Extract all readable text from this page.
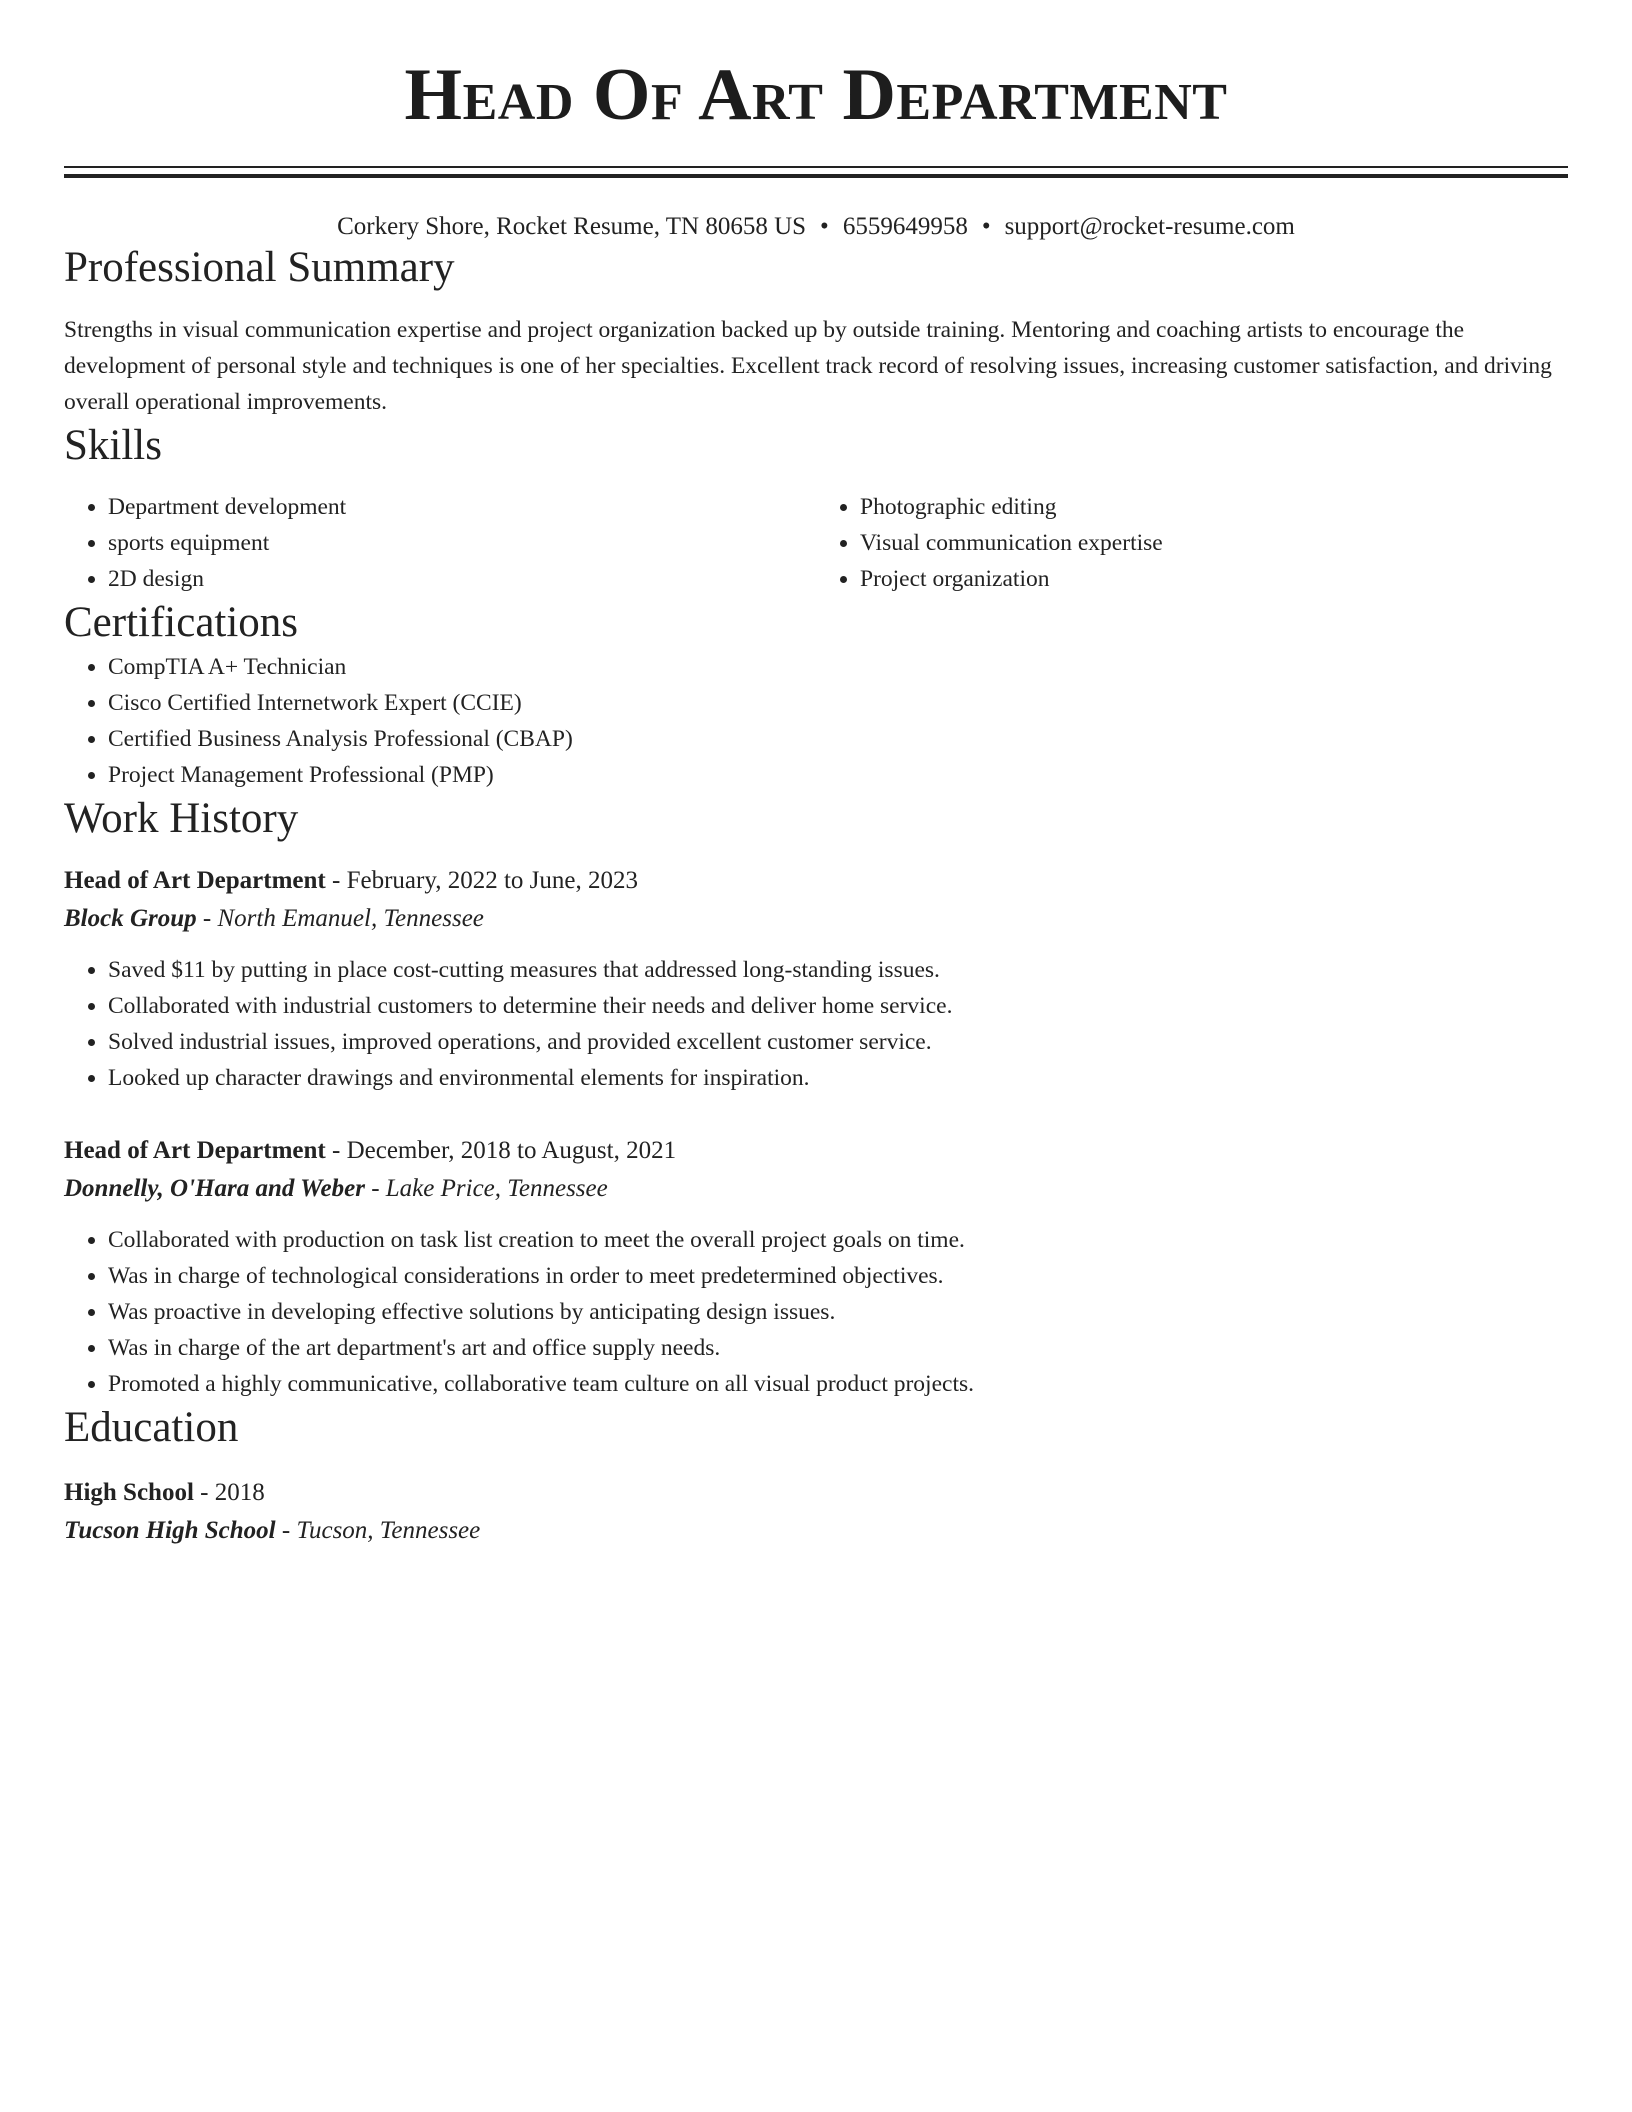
Head Of Art Department
Corkery Shore, Rocket Resume, TN 80658 US • 6559649958 • support@rocket-resume.com
Professional Summary
Strengths in visual communication expertise and project organization backed up by outside training. Mentoring and coaching artists to encourage the development of personal style and techniques is one of her specialties. Excellent track record of resolving issues, increasing customer satisfaction, and driving overall operational improvements.
Skills
• Department development
• sports equipment
• 2D design
• Photographic editing
• Visual communication expertise
• Project organization
Certifications
• CompTIA A+ Technician
• Cisco Certified Internetwork Expert (CCIE)
• Certified Business Analysis Professional (CBAP)
• Project Management Professional (PMP)
Work History
Head of Art Department - February, 2022 to June, 2023
Block Group - North Emanuel, Tennessee
• Saved $11 by putting in place cost-cutting measures that addressed long-standing issues.
• Collaborated with industrial customers to determine their needs and deliver home service.
• Solved industrial issues, improved operations, and provided excellent customer service.
• Looked up character drawings and environmental elements for inspiration.
Head of Art Department - December, 2018 to August, 2021
Donnelly, O'Hara and Weber - Lake Price, Tennessee
• Collaborated with production on task list creation to meet the overall project goals on time.
• Was in charge of technological considerations in order to meet predetermined objectives.
• Was proactive in developing effective solutions by anticipating design issues.
• Was in charge of the art department's art and office supply needs.
• Promoted a highly communicative, collaborative team culture on all visual product projects.
Education
High School - 2018
Tucson High School - Tucson, Tennessee
